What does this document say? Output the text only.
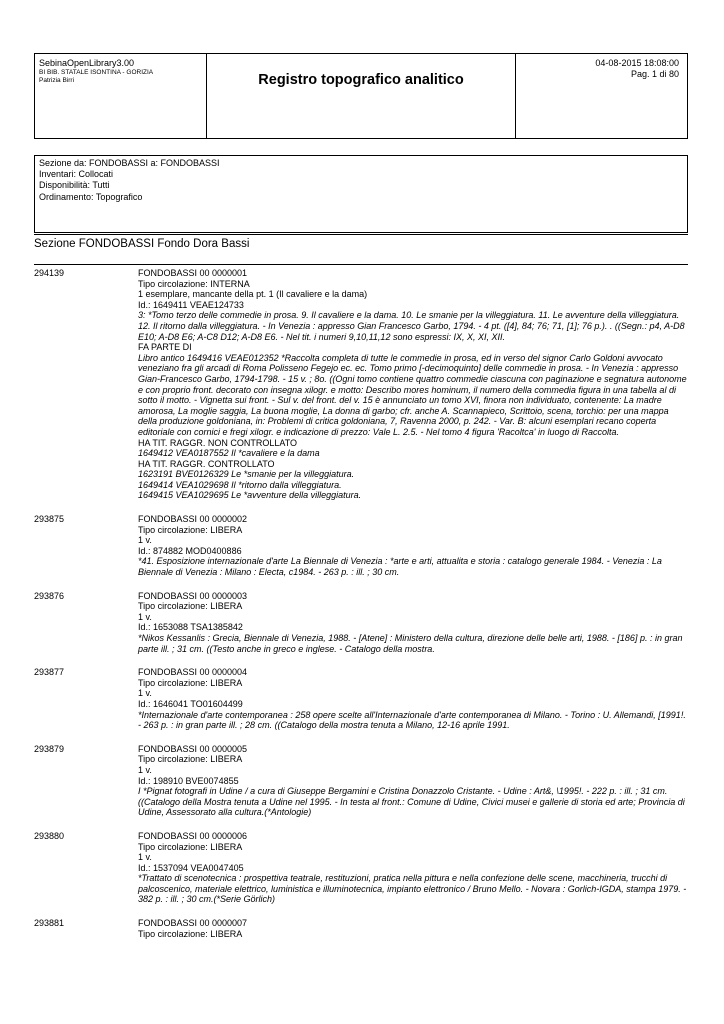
SebinaOpenLibrary3.00
BI BIB. STATALE ISONTINA - GORIZIA
Patrizia Birri	Registro topografico analitico
04-08-2015 18:08:00
Pag. 1 di 80
Sezione da: FONDOBASSI a: FONDOBASSI
Inventari: Collocati
Disponibilità: Tutti
Ordinamento: Topografico
Sezione FONDOBASSI Fondo Dora Bassi
294139	FONDOBASSI 00 0000001
Tipo circolazione: INTERNA
1 esemplare, mancante della pt. 1 (Il cavaliere e la dama)
Id.: 1649411 VEAE124733
3: *Tomo terzo delle commedie in prosa. 9. Il cavaliere e la dama. 10. Le smanie per la villeggiatura. 11. Le avventure della villeggiatura. 12. Il ritorno dalla villeggiatura. - In Venezia : appresso Gian Francesco Garbo, 1794. - 4 pt. ([4], 84; 76; 71, [1]; 76 p.). . ((Segn.: p4, A-D8 E10; A-D8 E6; A-C8 D12; A-D8 E6. - Nel tit. i numeri 9,10,11,12 sono espressi: IX, X, XI, XII.
FA PARTE DI
Libro antico 1649416 VEAE012352 *Raccolta completa di tutte le commedie in prosa, ed in verso del signor Carlo Goldoni avvocato veneziano fra gli arcadi di Roma Polisseno Fegejo ec. ec. Tomo primo [-decimoquinto] delle commedie in prosa. - In Venezia : appresso Gian-Francesco Garbo, 1794-1798. - 15 v. ; 8o. ((Ogni tomo contiene quattro commedie ciascuna con paginazione e segnatura autonome e con proprio front. decorato con insegna xilogr. e motto: Describo mores hominum, il numero della commedia figura in una tabella al di sotto il motto. - Vignetta sui front. - Sul v. del front. del v. 15 è annunciato un tomo XVI, finora non individuato, contenente: La madre amorosa, La moglie saggia, La buona moglie, La donna di garbo; cfr. anche A. Scannapieco, Scrittoio, scena, torchio: per una mappa della produzione goldoniana, in: Problemi di critica goldoniana, 7, Ravenna 2000, p. 242. - Var. B: alcuni esemplari recano coperta editoriale con cornici e fregi xilogr. e indicazione di prezzo: Vale L. 2.5. - Nel tomo 4 figura 'Racoltca' in luogo di Raccolta.
HA TIT. RAGGR. NON CONTROLLATO
1649412 VEA0187552 Il *cavaliere e la dama
HA TIT. RAGGR. CONTROLLATO
1623191 BVE0126329 Le *smanie per la villeggiatura.
1649414 VEA1029698 Il *ritorno dalla villeggiatura.
1649415 VEA1029695 Le *avventure della villeggiatura.
293875	FONDOBASSI 00 0000002
Tipo circolazione: LIBERA
1 v.
Id.: 874882 MOD0400886
*41. Esposizione internazionale d'arte La Biennale di Venezia : *arte e arti, attualita e storia : catalogo generale 1984. - Venezia : La Biennale di Venezia : Milano : Electa, c1984. - 263 p. : ill. ; 30 cm.
293876	FONDOBASSI 00 0000003
Tipo circolazione: LIBERA
1 v.
Id.: 1653088 TSA1385842
*Nikos Kessanlis : Grecia, Biennale di Venezia, 1988. - [Atene] : Ministero della cultura, direzione delle belle arti, 1988. - [186] p. : in gran parte ill. ; 31 cm. ((Testo anche in greco e inglese. - Catalogo della mostra.
293877	FONDOBASSI 00 0000004
Tipo circolazione: LIBERA
1 v.
Id.: 1646041 TO01604499
*Internazionale d'arte contemporanea : 258 opere scelte all'Internazionale d'arte contemporanea di Milano. - Torino : U. Allemandi, [1991!. - 263 p. : in gran parte ill. ; 28 cm. ((Catalogo della mostra tenuta a Milano, 12-16 aprile 1991.
293879	FONDOBASSI 00 0000005
Tipo circolazione: LIBERA
1 v.
Id.: 198910 BVE0074855
I *Pignat fotografi in Udine / a cura di Giuseppe Bergamini e Cristina Donazzolo Cristante. - Udine : Art&, \1995!. - 222 p. : ill. ; 31 cm. ((Catalogo della Mostra tenuta a Udine nel 1995. - In testa al front.: Comune di Udine, Civici musei e gallerie di storia ed arte; Provincia di Udine, Assessorato alla cultura.(*Antologie)
293880	FONDOBASSI 00 0000006
Tipo circolazione: LIBERA
1 v.
Id.: 1537094 VEA0047405
*Trattato di scenotecnica : prospettiva teatrale, restituzioni, pratica nella pittura e nella confezione delle scene, macchineria, trucchi di palcoscenico, materiale elettrico, luministica e illuminotecnica, impianto elettronico / Bruno Mello. - Novara : Gorlich-IGDA, stampa 1979. - 382 p. : ill. ; 30 cm.(*Serie Görlich)
293881	FONDOBASSI 00 0000007
Tipo circolazione: LIBERA
